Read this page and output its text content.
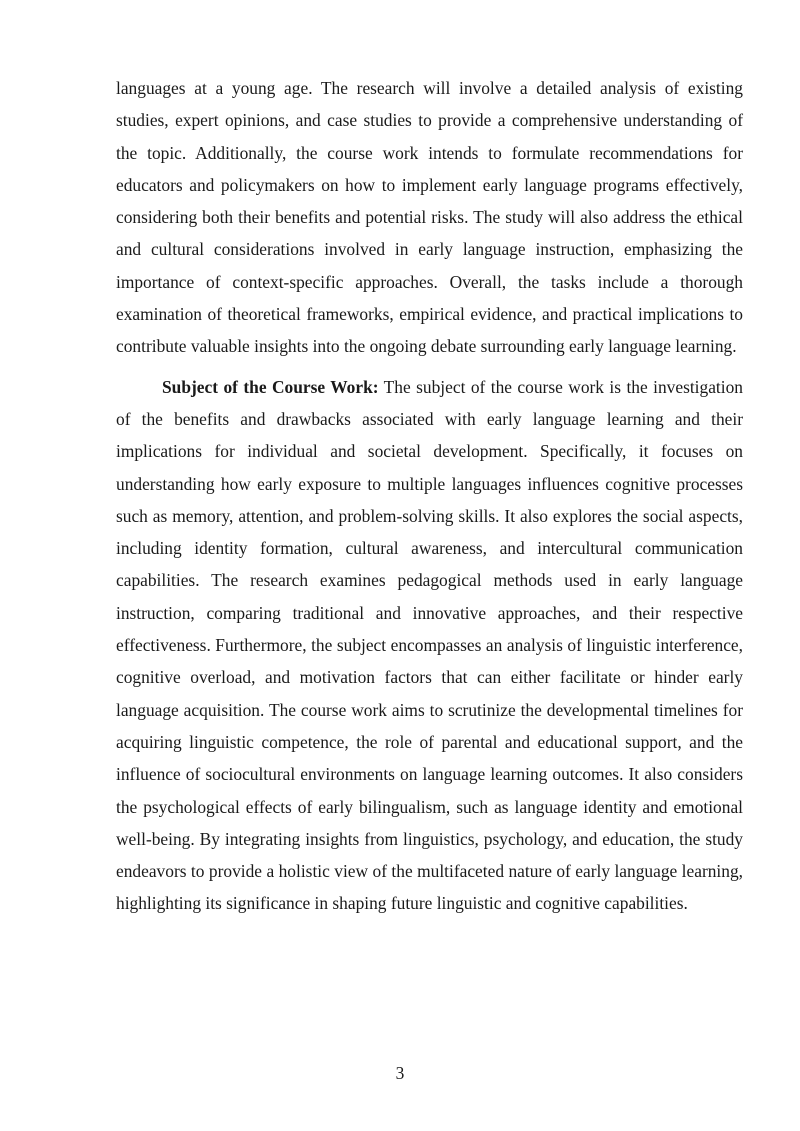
languages at a young age. The research will involve a detailed analysis of existing studies, expert opinions, and case studies to provide a comprehensive understanding of the topic. Additionally, the course work intends to formulate recommendations for educators and policymakers on how to implement early language programs effectively, considering both their benefits and potential risks. The study will also address the ethical and cultural considerations involved in early language instruction, emphasizing the importance of context-specific approaches. Overall, the tasks include a thorough examination of theoretical frameworks, empirical evidence, and practical implications to contribute valuable insights into the ongoing debate surrounding early language learning.

Subject of the Course Work: The subject of the course work is the investigation of the benefits and drawbacks associated with early language learning and their implications for individual and societal development. Specifically, it focuses on understanding how early exposure to multiple languages influences cognitive processes such as memory, attention, and problem-solving skills. It also explores the social aspects, including identity formation, cultural awareness, and intercultural communication capabilities. The research examines pedagogical methods used in early language instruction, comparing traditional and innovative approaches, and their respective effectiveness. Furthermore, the subject encompasses an analysis of linguistic interference, cognitive overload, and motivation factors that can either facilitate or hinder early language acquisition. The course work aims to scrutinize the developmental timelines for acquiring linguistic competence, the role of parental and educational support, and the influence of sociocultural environments on language learning outcomes. It also considers the psychological effects of early bilingualism, such as language identity and emotional well-being. By integrating insights from linguistics, psychology, and education, the study endeavors to provide a holistic view of the multifaceted nature of early language learning, highlighting its significance in shaping future linguistic and cognitive capabilities.

3
